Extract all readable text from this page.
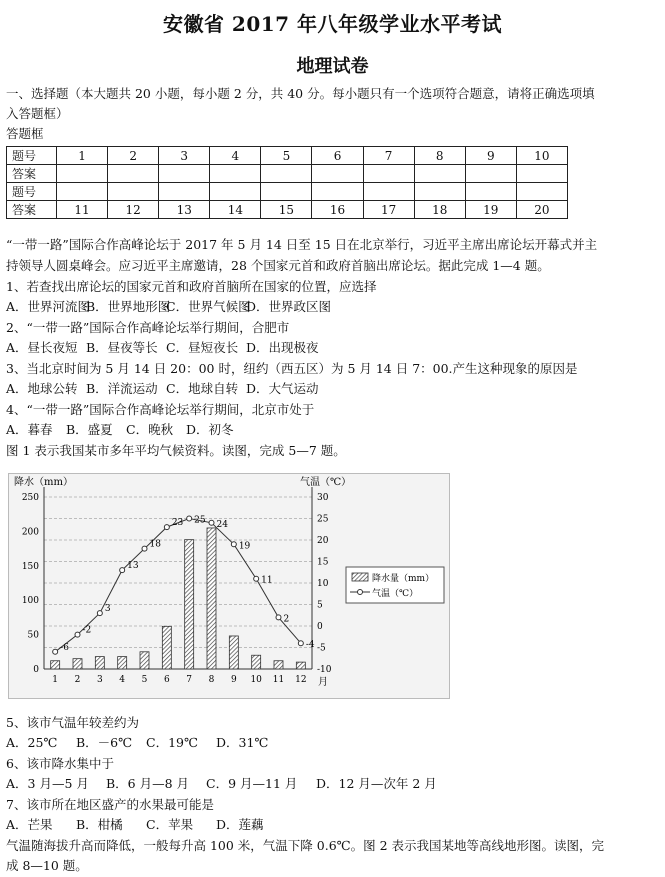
安徽省 2017 年八年级学业水平考试
地理试卷
一、选择题（本大题共 20 小题，每小题 2 分，共 40 分。每小题只有一个选项符合题意，请将正确选项填
入答题框）
答题框
题号	1	2	3	4	5	6	7	8	9	10
答案										
题号										
答案	11	12	13	14	15	16	17	18	19	20
“一带一路”国际合作高峰论坛于 2017 年 5 月 14 日至 15 日在北京举行，习近平主席出席论坛开幕式并主
持领导人圆桌峰会。应习近平主席邀请，28 个国家元首和政府首脑出席论坛。据此完成 1—4 题。
1、若查找出席论坛的国家元首和政府首脑所在国家的位置，应选择
A．世界河流图B．世界地形图C．世界气候图D．世界政区图
2、“一带一路”国际合作高峰论坛举行期间，合肥市
A．昼长夜短 B．昼夜等长 C．昼短夜长 D．出现极夜
3、当北京时间为 5 月 14 日 20：00 时，纽约（西五区）为 5 月 14 日 7：00.产生这种现象的原因是
A．地球公转 B．洋流运动 C．地球自转 D．大气运动
4、“一带一路”国际合作高峰论坛举行期间，北京市处于
A．暮春 B．盛夏 C．晚秋 D．初冬
图 1 表示我国某市多年平均气候资料。读图，完成 5—7 题。
降水（mm）	气温（℃）
月
0
50
100
150
200
250
-10
-5
0
5
10
15
20
25
30
1 2 3 4 5 6 7 8 9 10 11 12
-6
-2
3
13
18
23 25 24
19
11
2
-4
降水量（mm）
气温（℃）
5、该市气温年较差约为
A．25℃ B．－6℃ C．19℃ D．31℃
6、该市降水集中于
A．3 月—5 月 B．6 月—8 月 C．9 月—11 月 D．12 月—次年 2 月
7、该市所在地区盛产的水果最可能是
A．芒果 B．柑橘 C．苹果 D．莲藕
气温随海拔升高而降低，一般每升高 100 米，气温下降 0.6℃。图 2 表示我国某地等高线地形图。读图，完
成 8—10 题。
